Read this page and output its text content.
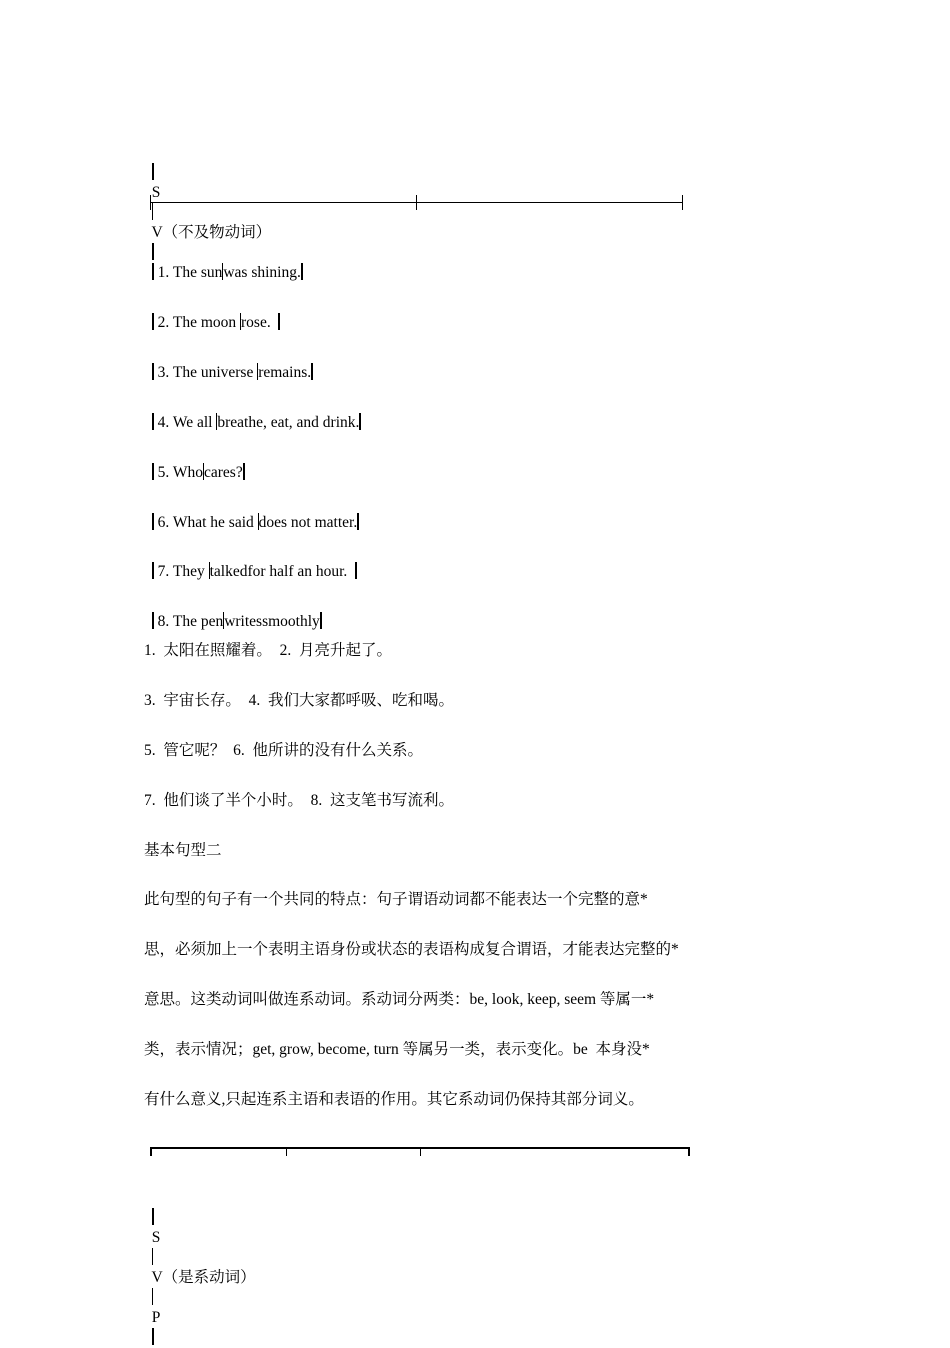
S

V（不及物动词）

1. The sunwas shining.

2. The moon rose.

3. The universe remains.

4. We all breathe, eat, and drink.

5. Whocares?

6. What he said does not matter.

7. They talkedfor half an hour.

8. The penwritessmoothly

1.  太阳在照耀着。  2.  月亮升起了。
3.  宇宙长存。  4.  我们大家都呼吸、吃和喝。
5.  管它呢？  6.  他所讲的没有什么关系。
7.  他们谈了半个小时。  8.  这支笔书写流利。
基本句型二
此句型的句子有一个共同的特点：句子谓语动词都不能表达一个完整的意*
思，必须加上一个表明主语身份或状态的表语构成复合谓语，才能表达完整的*
意思。这类动词叫做连系动词。系动词分两类：be, look, keep, seem 等属一*
类，表示情况；get, grow, become, turn 等属另一类，表示变化。be  本身没*
有什么意义,只起连系主语和表语的作用。其它系动词仍保持其部分词义。

S

V（是系动词）

P
